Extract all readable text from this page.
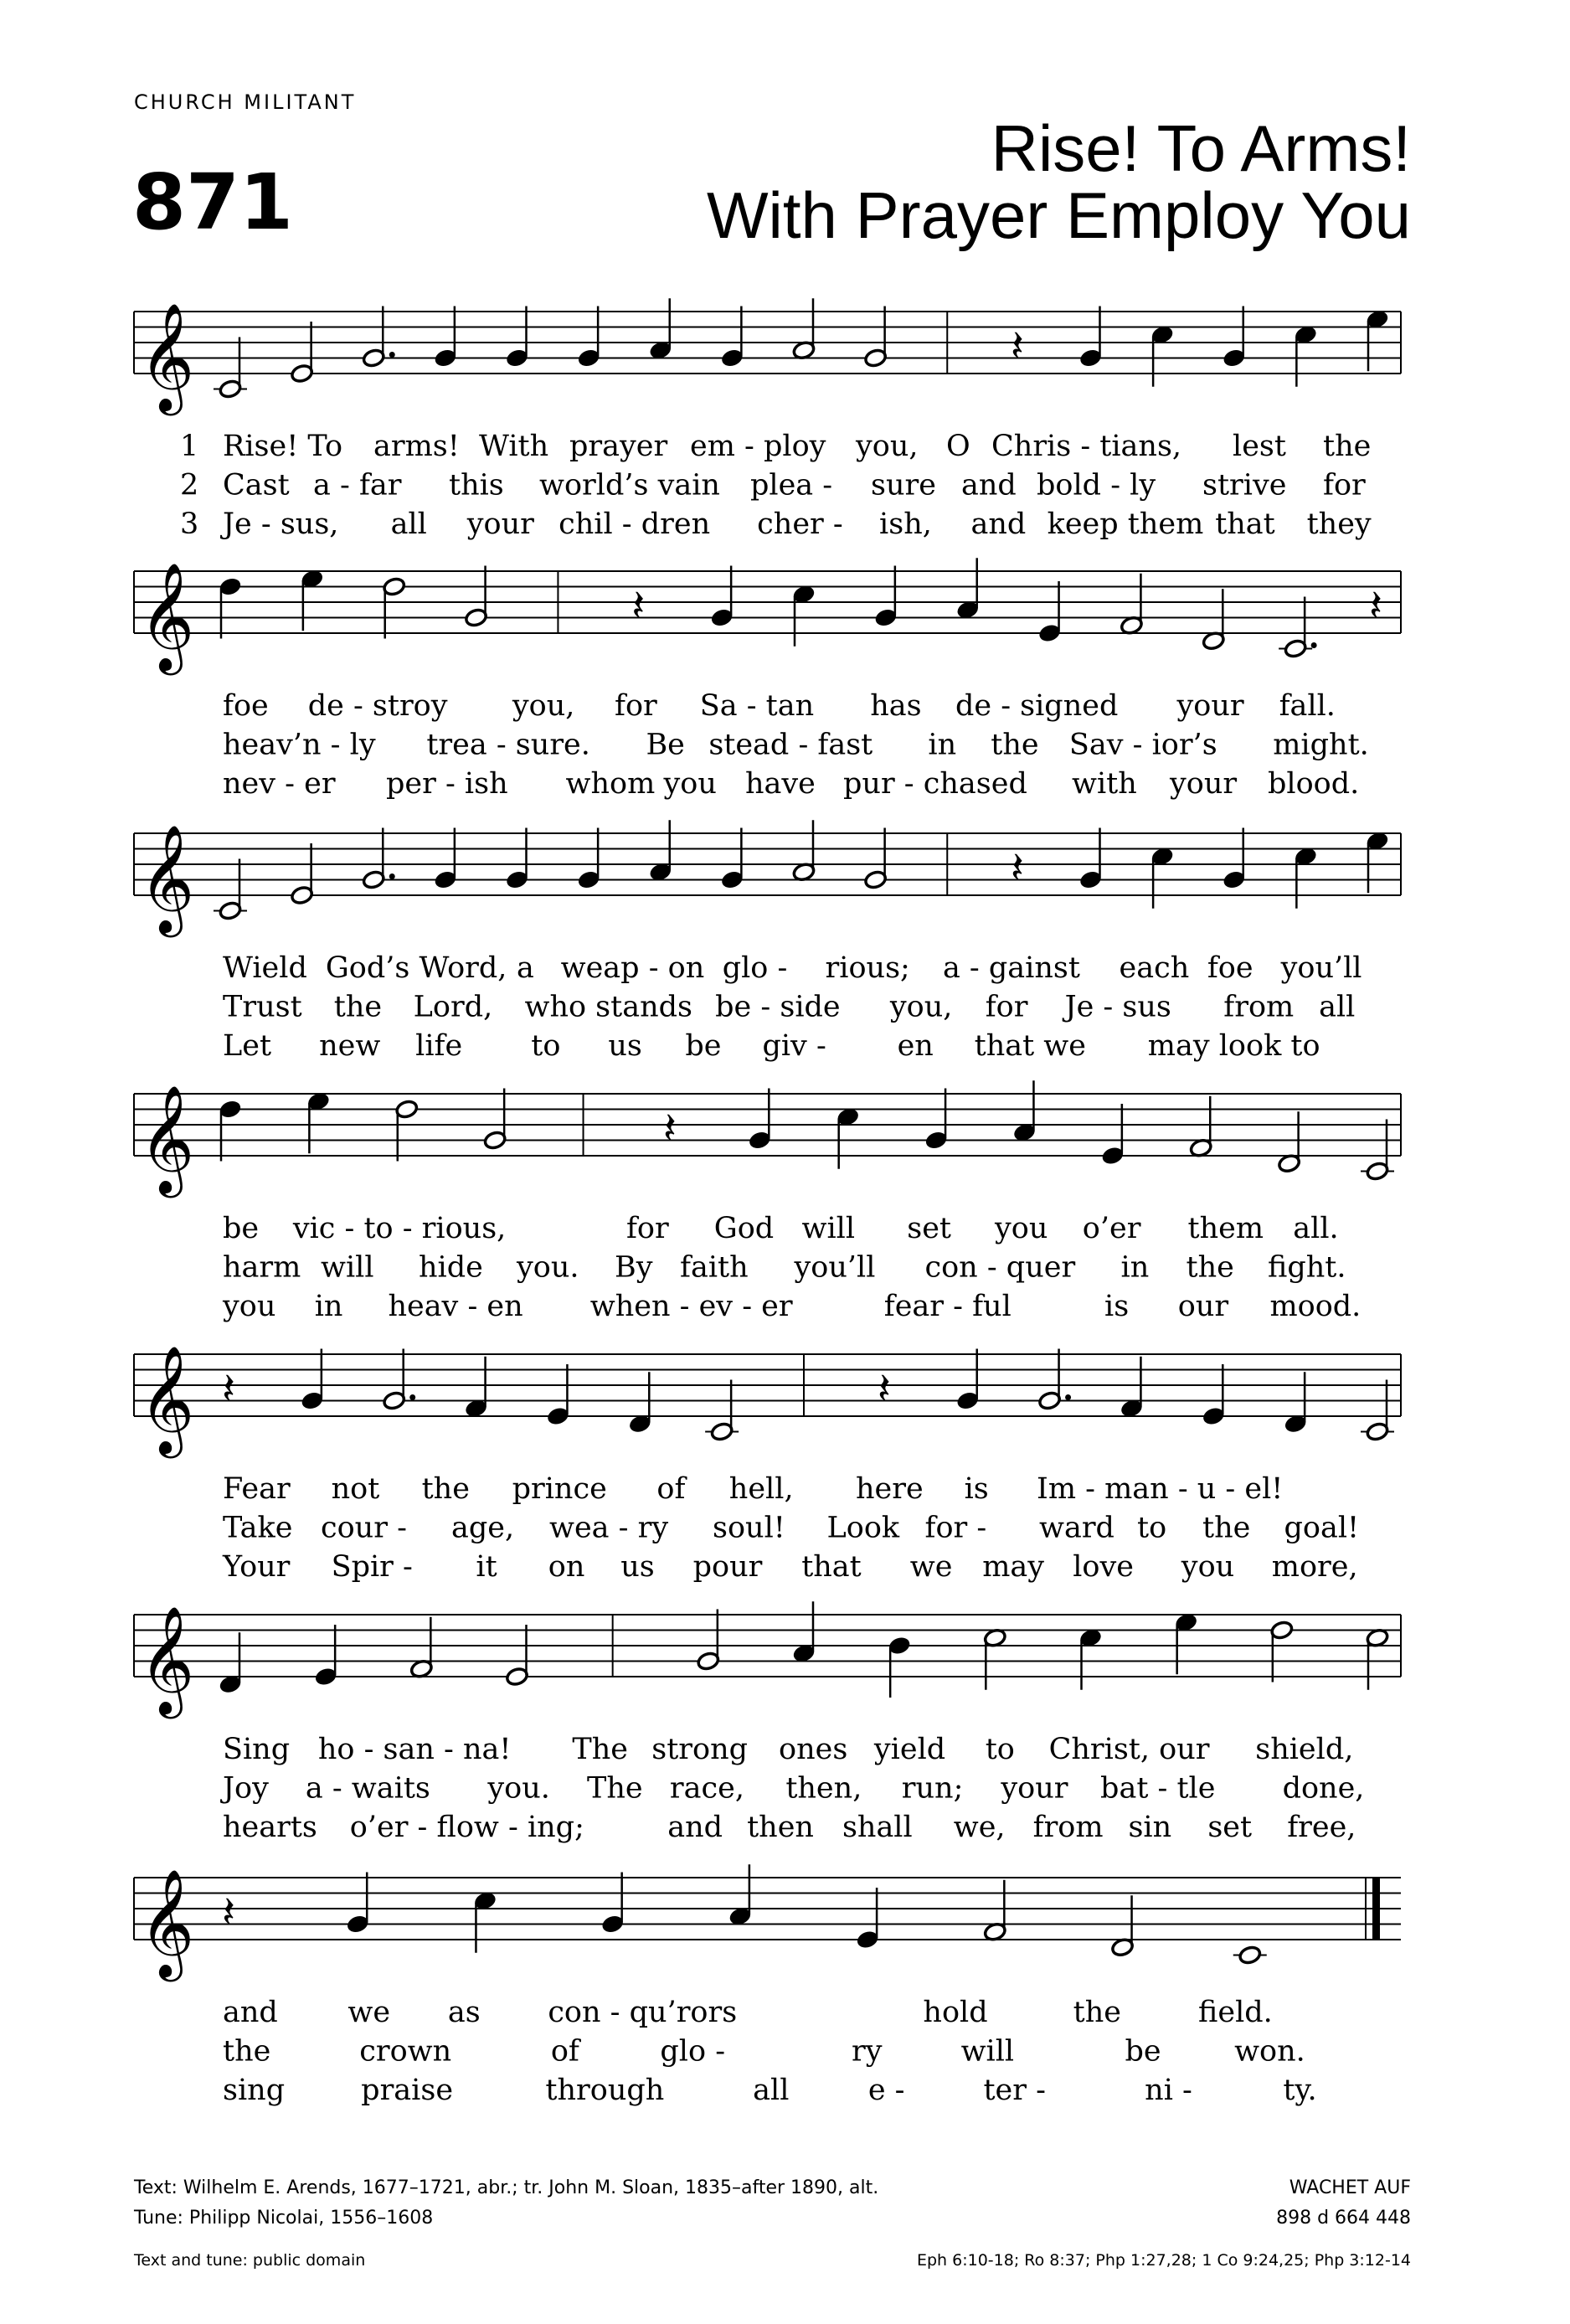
CHURCH MILITANT
871
Rise! To Arms!
With Prayer Employ You
𝄞	𝄽
1 Rise! To arms! With prayer em - ploy you, O Chris - tians, lest the
2 Cast a - far this world’s vain plea - sure and bold - ly strive for
3 Je - sus, all your chil - dren cher - ish, and keep them that they
𝄞	𝄽	𝄽
foe de - stroy you, for Sa - tan has de - signed your fall.
heav’n - ly trea - sure. Be stead - fast in the Sav - ior’s might.
nev - er per - ish whom you have pur - chased with your blood.
𝄞	𝄽
Wield God’s Word, a weap - on glo - rious; a - gainst each foe you’ll
Trust the Lord, who stands be - side you, for Je - sus from all
Let new life to us be giv - en that we may look to
𝄞	𝄽
be vic - to - rious,	for God will set you o’er them all.
harm will hide you. By faith you’ll con - quer in the fight.
you in heav - en when - ev - er	fear - ful	is our mood.
𝄞 𝄽	𝄽
Fear not the prince of hell, here is Im - man - u - el!
Take cour - age, wea - ry soul! Look for - ward to the goal!
Your Spir - it on us pour that we may love you more,
𝄞
Sing ho - san - na! The strong ones yield to Christ, our shield,
Joy a - waits you. The race, then, run; your bat - tle done,
hearts o’er - flow - ing;	and then shall we, from sin set free,
𝄞 𝄽
and we as con - qu’rors	hold	the	field.
the	crown	of	glo -	ry	will	be won.
sing	praise	through	all	e -	ter -	ni -	ty.
Text: Wilhelm E. Arends, 1677–1721, abr.; tr. John M. Sloan, 1835–after 1890, alt.
Tune: Philipp Nicolai, 1556–1608
Text and tune: public domain
WACHET AUF
898 d 664 448
Eph 6:10-18; Ro 8:37; Php 1:27,28; 1 Co 9:24,25; Php 3:12-14
